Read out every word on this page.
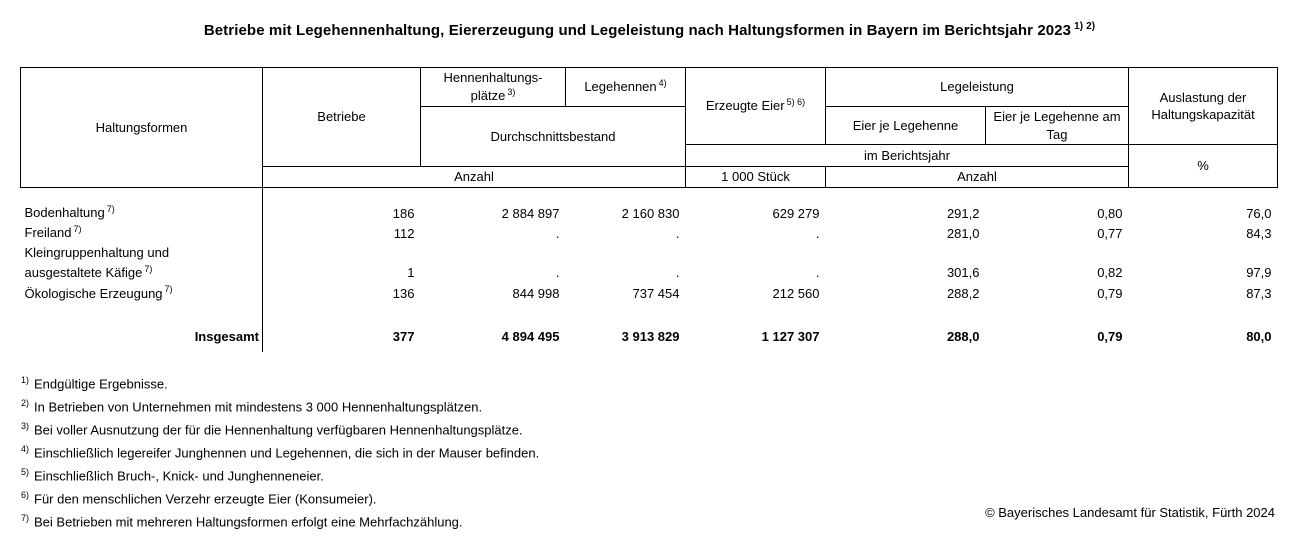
Betriebe mit Legehennenhaltung, Eiererzeugung und Legeleistung nach Haltungsformen in Bayern im Berichtsjahr 2023 $^{1) 2)}$
Haltungsformen	Betriebe	Hennenhaltungs-
plätze $^{3)}$	Legehennen $^{4)}$	Erzeugte Eier $^{5) 6)}$	Legeleistung		Auslastung der Haltungskapazität
		Durchschnittsbestand			Eier je Legehenne	Eier je Legehenne am Tag	
				im Berichtsjahr			%
	Anzahl			1 000 Stück	Anzahl		

Bodenhaltung $^{7)}$	186	2 884 897	2 160 830	629 279	291,2	0,80	76,0

Freiland $^{7)}$	112	.	.	.	281,0	0,77	84,3

Kleingruppenhaltung und
ausgestaltete Käfige $^{7)}$	1	.	.	.	301,6	0,82	97,9

Ökologische Erzeugung $^{7)}$	136	844 998	737 454	212 560	288,2	0,79	87,3

Insgesamt	377	4 894 495	3 913 829	1 127 307	288,0	0,79	80,0

$^{1)}$ Endgültige Ergebnisse.
$^{2)}$ In Betrieben von Unternehmen mit mindestens 3 000 Hennenhaltungsplätzen.
$^{3)}$ Bei voller Ausnutzung der für die Hennenhaltung verfügbaren Hennenhaltungsplätze.
$^{4)}$ Einschließlich legereifer Junghennen und Legehennen, die sich in der Mauser befinden.
$^{5)}$ Einschließlich Bruch-, Knick- und Junghenneneier.
$^{6)}$ Für den menschlichen Verzehr erzeugte Eier (Konsumeier).
$^{7)}$ Bei Betrieben mit mehreren Haltungsformen erfolgt eine Mehrfachzählung.
© Bayerisches Landesamt für Statistik, Fürth 2024
